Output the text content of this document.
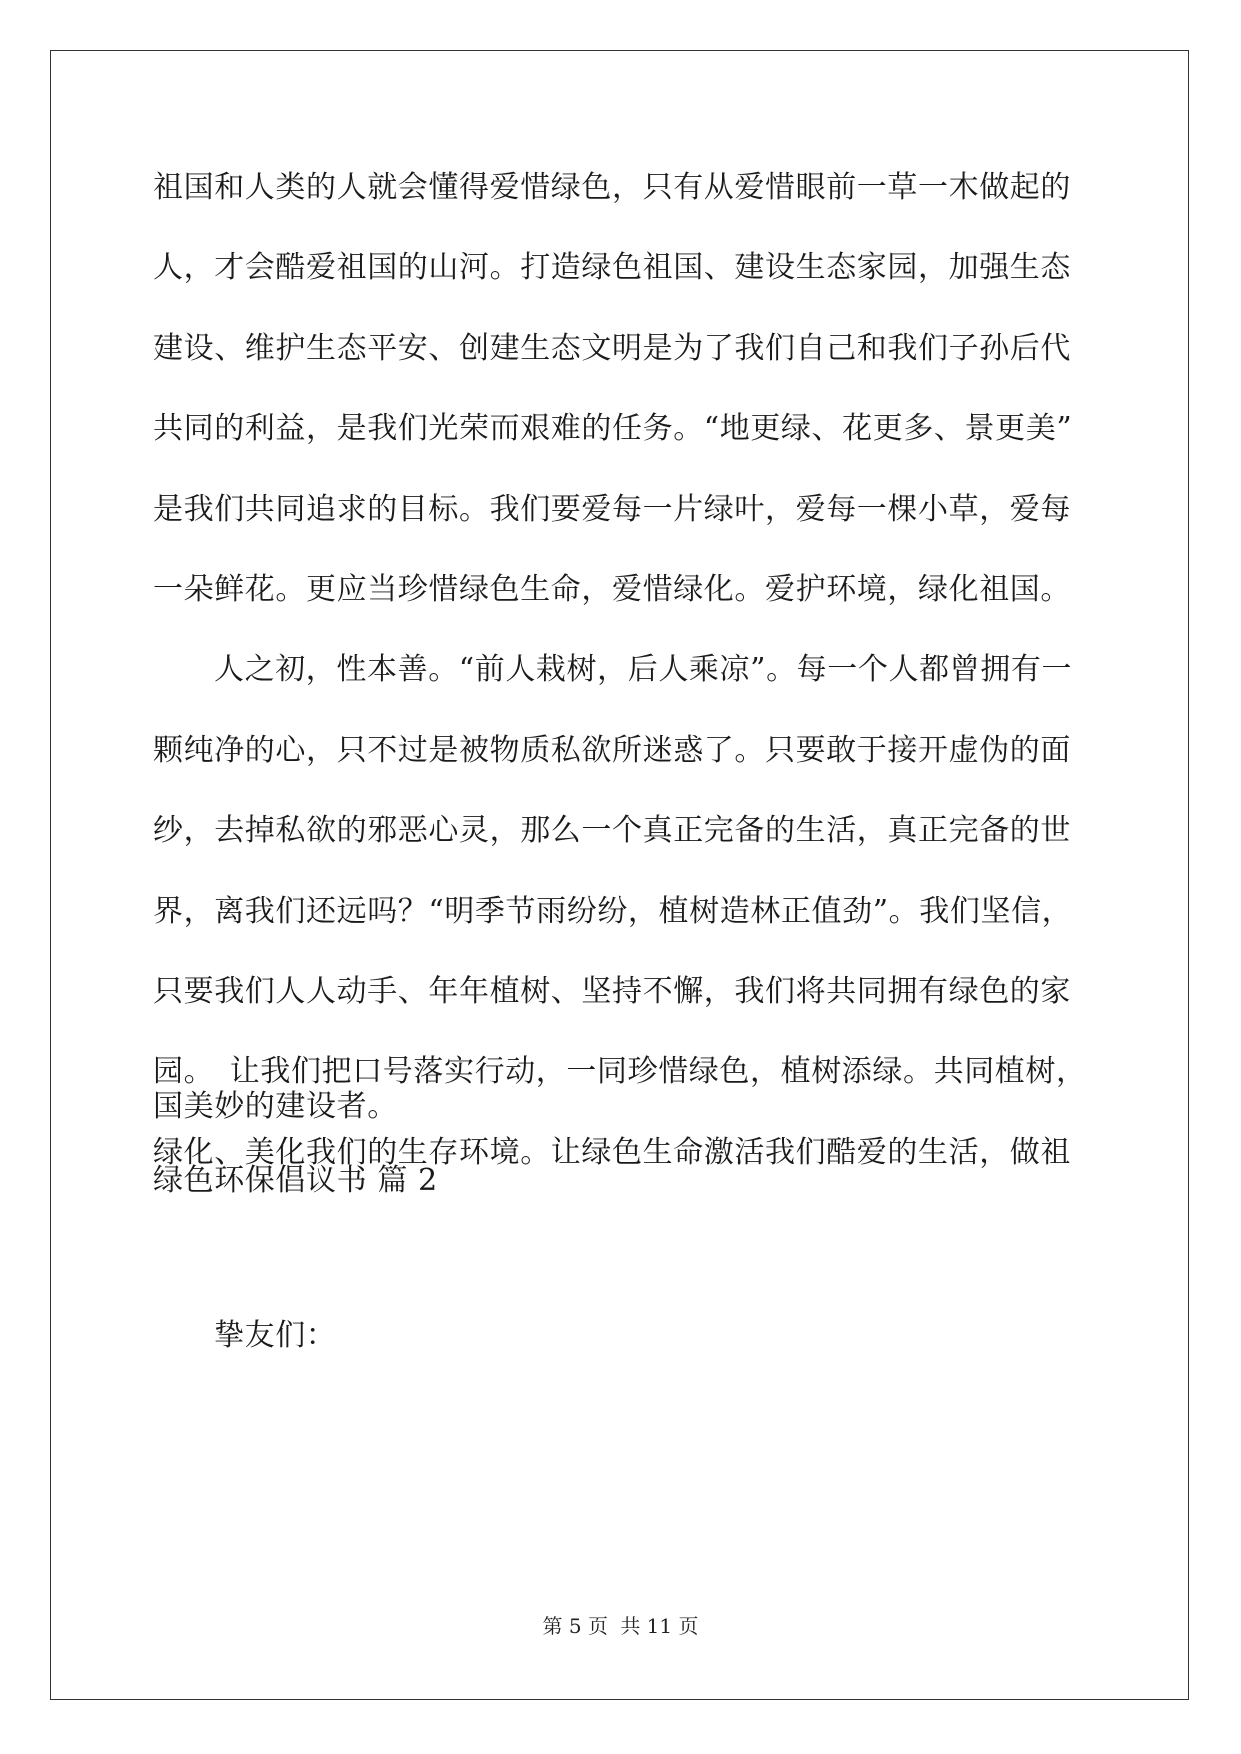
祖国和人类的人就会懂得爱惜绿色，只有从爱惜眼前一草一木做起的
人，才会酷爱祖国的山河。打造绿色祖国、建设生态家园，加强生态
建设、维护生态平安、创建生态文明是为了我们自己和我们子孙后代
共同的利益，是我们光荣而艰难的任务。“地更绿、花更多、景更美”
是我们共同追求的目标。我们要爱每一片绿叶，爱每一棵小草，爱每
一朵鲜花。更应当珍惜绿色生命，爱惜绿化。爱护环境，绿化祖国。
人之初，性本善。“前人栽树，后人乘凉”。每一个人都曾拥有一
颗纯净的心，只不过是被物质私欲所迷惑了。只要敢于接开虚伪的面
纱，去掉私欲的邪恶心灵，那么一个真正完备的生活，真正完备的世
界，离我们还远吗？“明季节雨纷纷，植树造林正值劲”。我们坚信，
只要我们人人动手、年年植树、坚持不懈，我们将共同拥有绿色的家
园。　让我们把口号落实行动，一同珍惜绿色，植树添绿。共同植树，
绿化、美化我们的生存环境。让绿色生命激活我们酷爱的生活，做祖
国美妙的建设者。
绿色环保倡议书 篇 2
挚友们：
第 5 页 共 11 页
